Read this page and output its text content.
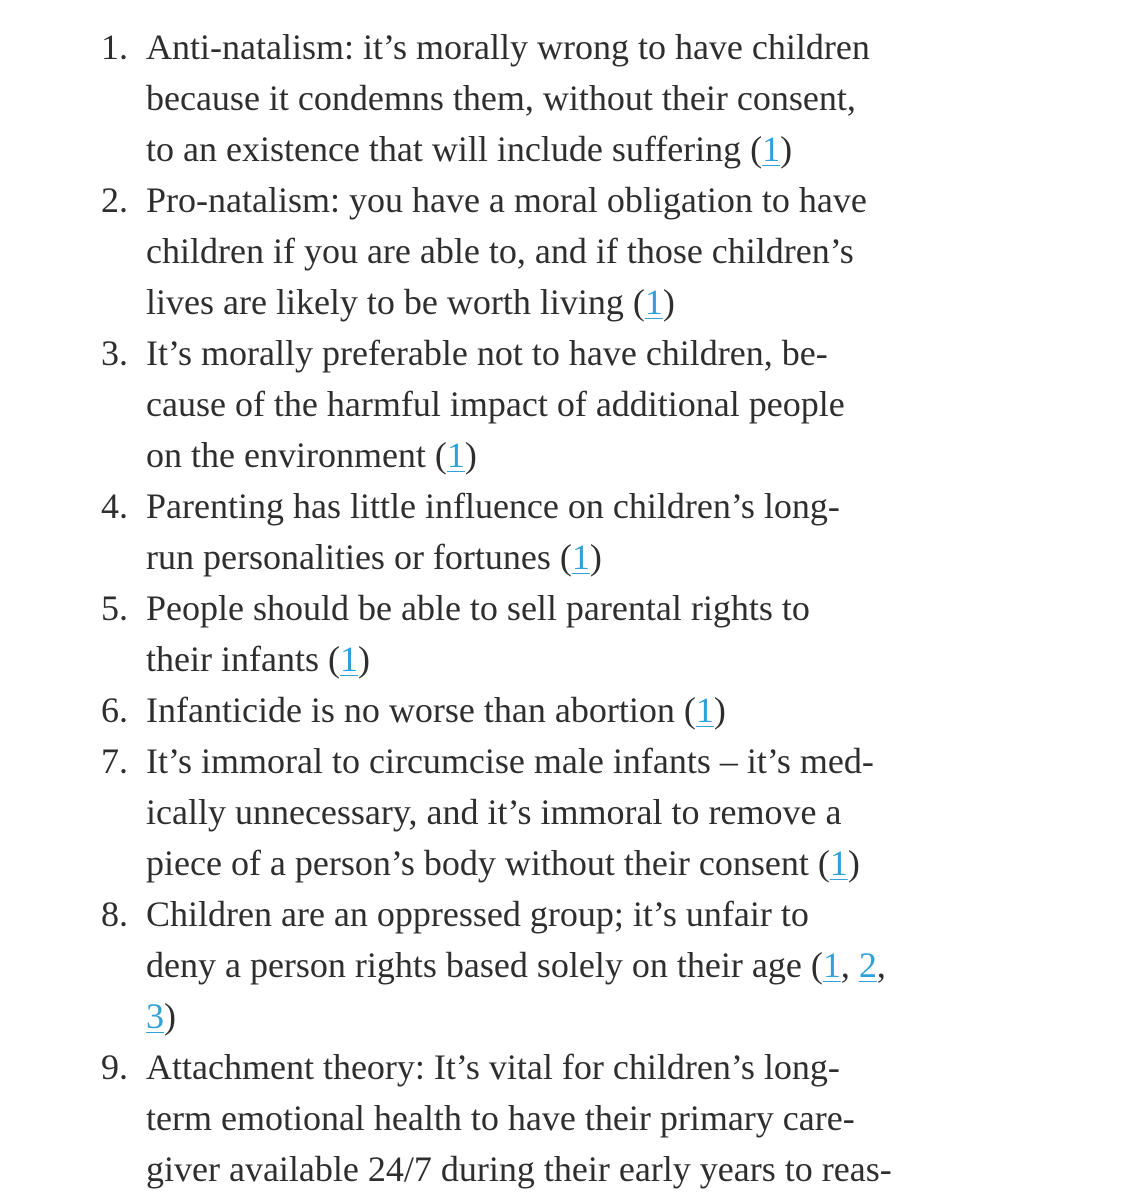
1. Anti-natalism: it’s morally wrong to have children
because it condemns them, without their consent,
to an existence that will include suffering (1)
2. Pro-natalism: you have a moral obligation to have
children if you are able to, and if those children’s
lives are likely to be worth living (1)
3. It’s morally preferable not to have children, be-
cause of the harmful impact of additional people
on the environment (1)
4. Parenting has little influence on children’s long-
run personalities or fortunes (1)
5. People should be able to sell parental rights to
their infants (1)
6. Infanticide is no worse than abortion (1)
7. It’s immoral to circumcise male infants – it’s med-
ically unnecessary, and it’s immoral to remove a
piece of a person’s body without their consent (1)
8. Children are an oppressed group; it’s unfair to
deny a person rights based solely on their age (1, 2,
3)
9. Attachment theory: It’s vital for children’s long-
term emotional health to have their primary care-
giver available 24/7 during their early years to reas-
